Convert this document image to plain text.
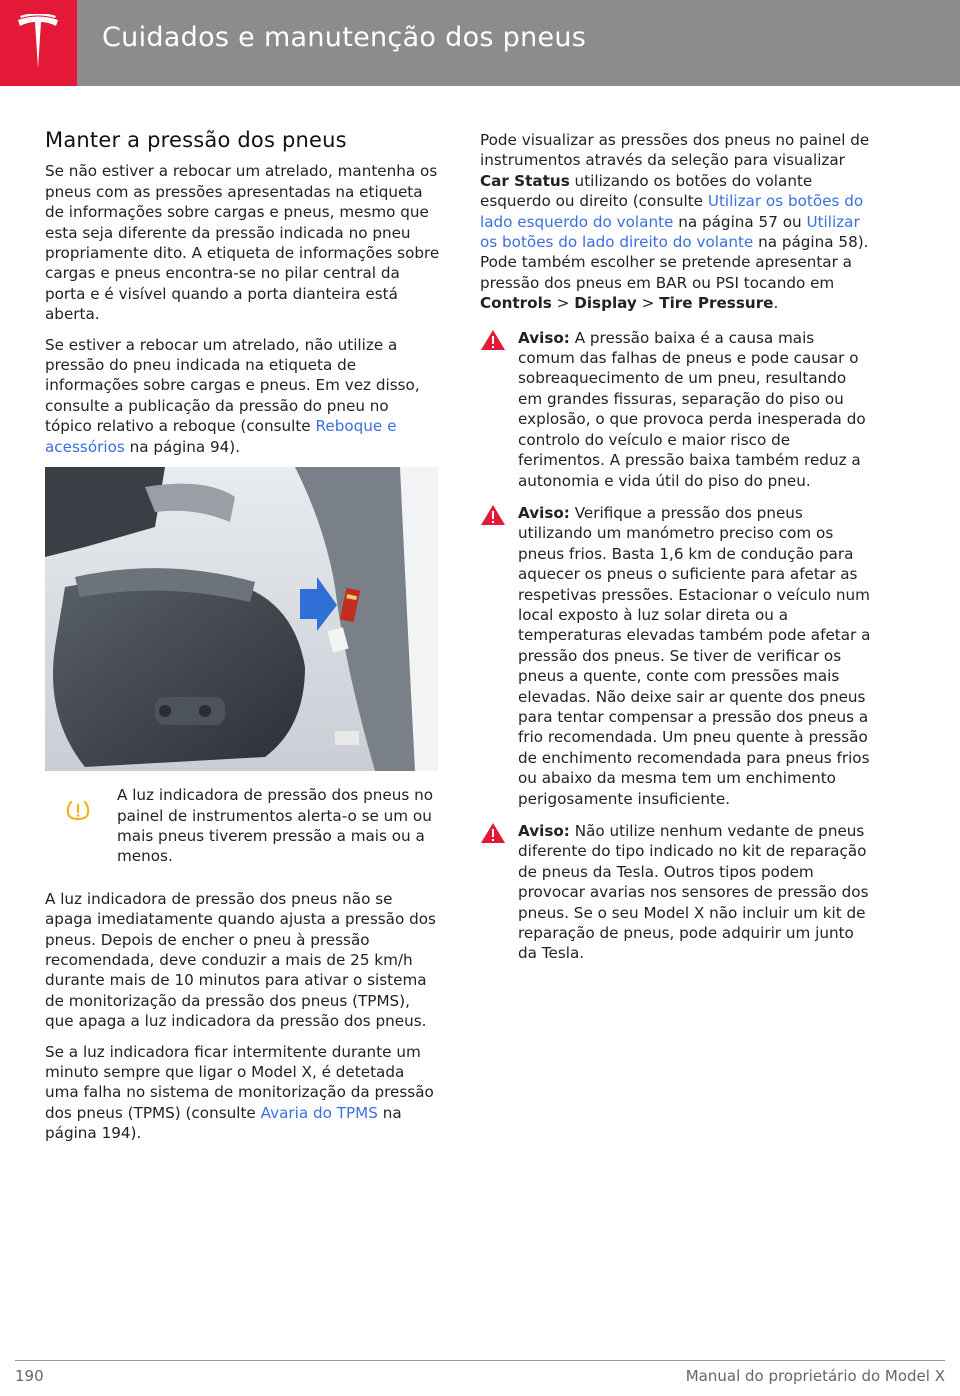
Cuidados e manutenção dos pneus
Manter a pressão dos pneus

Se não estiver a rebocar um atrelado, mantenha os pneus com as pressões apresentadas na etiqueta de informações sobre cargas e pneus, mesmo que esta seja diferente da pressão indicada no pneu propriamente dito. A etiqueta de informações sobre cargas e pneus encontra-se no pilar central da porta e é visível quando a porta dianteira está aberta.

Se estiver a rebocar um atrelado, não utilize a pressão do pneu indicada na etiqueta de informações sobre cargas e pneus. Em vez disso, consulte a publicação da pressão do pneu no tópico relativo a reboque (consulte Reboque e acessórios na página 94).

A luz indicadora de pressão dos pneus no painel de instrumentos alerta-o se um ou mais pneus tiverem pressão a mais ou a menos.

A luz indicadora de pressão dos pneus não se apaga imediatamente quando ajusta a pressão dos pneus. Depois de encher o pneu à pressão recomendada, deve conduzir a mais de 25 km/h durante mais de 10 minutos para ativar o sistema de monitorização da pressão dos pneus (TPMS), que apaga a luz indicadora da pressão dos pneus.

Se a luz indicadora ficar intermitente durante um minuto sempre que ligar o Model X, é detetada uma falha no sistema de monitorização da pressão dos pneus (TPMS) (consulte Avaria do TPMS na página 194).

Pode visualizar as pressões dos pneus no painel de instrumentos através da seleção para visualizar Car Status utilizando os botões do volante esquerdo ou direito (consulte Utilizar os botões do lado esquerdo do volante na página 57 ou Utilizar os botões do lado direito do volante na página 58). Pode também escolher se pretende apresentar a pressão dos pneus em BAR ou PSI tocando em Controls > Display > Tire Pressure.

Aviso: A pressão baixa é a causa mais comum das falhas de pneus e pode causar o sobreaquecimento de um pneu, resultando em grandes fissuras, separação do piso ou explosão, o que provoca perda inesperada do controlo do veículo e maior risco de ferimentos. A pressão baixa também reduz a autonomia e vida útil do piso do pneu.
Aviso: Verifique a pressão dos pneus utilizando um manómetro preciso com os pneus frios. Basta 1,6 km de condução para aquecer os pneus o suficiente para afetar as respetivas pressões. Estacionar o veículo num local exposto à luz solar direta ou a temperaturas elevadas também pode afetar a pressão dos pneus. Se tiver de verificar os pneus a quente, conte com pressões mais elevadas. Não deixe sair ar quente dos pneus para tentar compensar a pressão dos pneus a frio recomendada. Um pneu quente à pressão de enchimento recomendada para pneus frios ou abaixo da mesma tem um enchimento perigosamente insuficiente.
Aviso: Não utilize nenhum vedante de pneus diferente do tipo indicado no kit de reparação de pneus da Tesla. Outros tipos podem provocar avarias nos sensores de pressão dos pneus. Se o seu Model X não incluir um kit de reparação de pneus, pode adquirir um junto da Tesla.
190	Manual do proprietário do Model X
